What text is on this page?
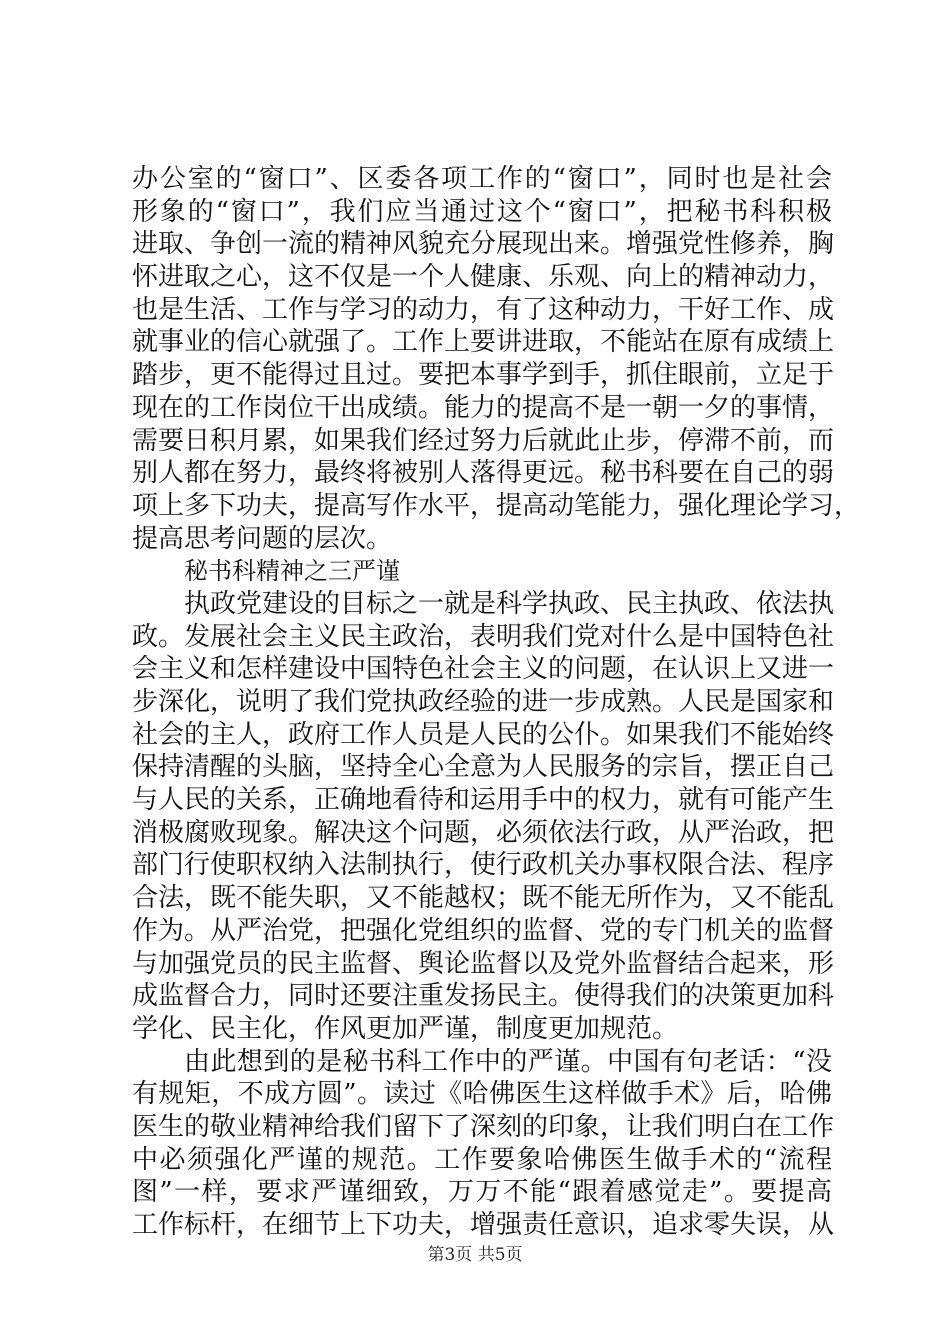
办公室的“窗口”、区委各项工作的“窗口”，同时也是社会
形象的“窗口”，我们应当通过这个“窗口”，把秘书科积极
进取、争创一流的精神风貌充分展现出来。增强党性修养，胸
怀进取之心，这不仅是一个人健康、乐观、向上的精神动力，
也是生活、工作与学习的动力，有了这种动力，干好工作、成
就事业的信心就强了。工作上要讲进取，不能站在原有成绩上
踏步，更不能得过且过。要把本事学到手，抓住眼前，立足于
现在的工作岗位干出成绩。能力的提高不是一朝一夕的事情，
需要日积月累，如果我们经过努力后就此止步，停滞不前，而
别人都在努力，最终将被别人落得更远。秘书科要在自己的弱
项上多下功夫，提高写作水平，提高动笔能力，强化理论学习，
提高思考问题的层次。
秘书科精神之三严谨
执政党建设的目标之一就是科学执政、民主执政、依法执
政。发展社会主义民主政治，表明我们党对什么是中国特色社
会主义和怎样建设中国特色社会主义的问题，在认识上又进一
步深化，说明了我们党执政经验的进一步成熟。人民是国家和
社会的主人，政府工作人员是人民的公仆。如果我们不能始终
保持清醒的头脑，坚持全心全意为人民服务的宗旨，摆正自己
与人民的关系，正确地看待和运用手中的权力，就有可能产生
消极腐败现象。解决这个问题，必须依法行政，从严治政，把
部门行使职权纳入法制执行，使行政机关办事权限合法、程序
合法，既不能失职，又不能越权；既不能无所作为，又不能乱
作为。从严治党，把强化党组织的监督、党的专门机关的监督
与加强党员的民主监督、舆论监督以及党外监督结合起来，形
成监督合力，同时还要注重发扬民主。使得我们的决策更加科
学化、民主化，作风更加严谨，制度更加规范。
由此想到的是秘书科工作中的严谨。中国有句老话：“没
有规矩，不成方圆”。读过《哈佛医生这样做手术》后，哈佛
医生的敬业精神给我们留下了深刻的印象，让我们明白在工作
中必须强化严谨的规范。工作要象哈佛医生做手术的“流程
图”一样，要求严谨细致，万万不能“跟着感觉走”。要提高
工作标杆，在细节上下功夫，增强责任意识，追求零失误，从
第3页 共5页
